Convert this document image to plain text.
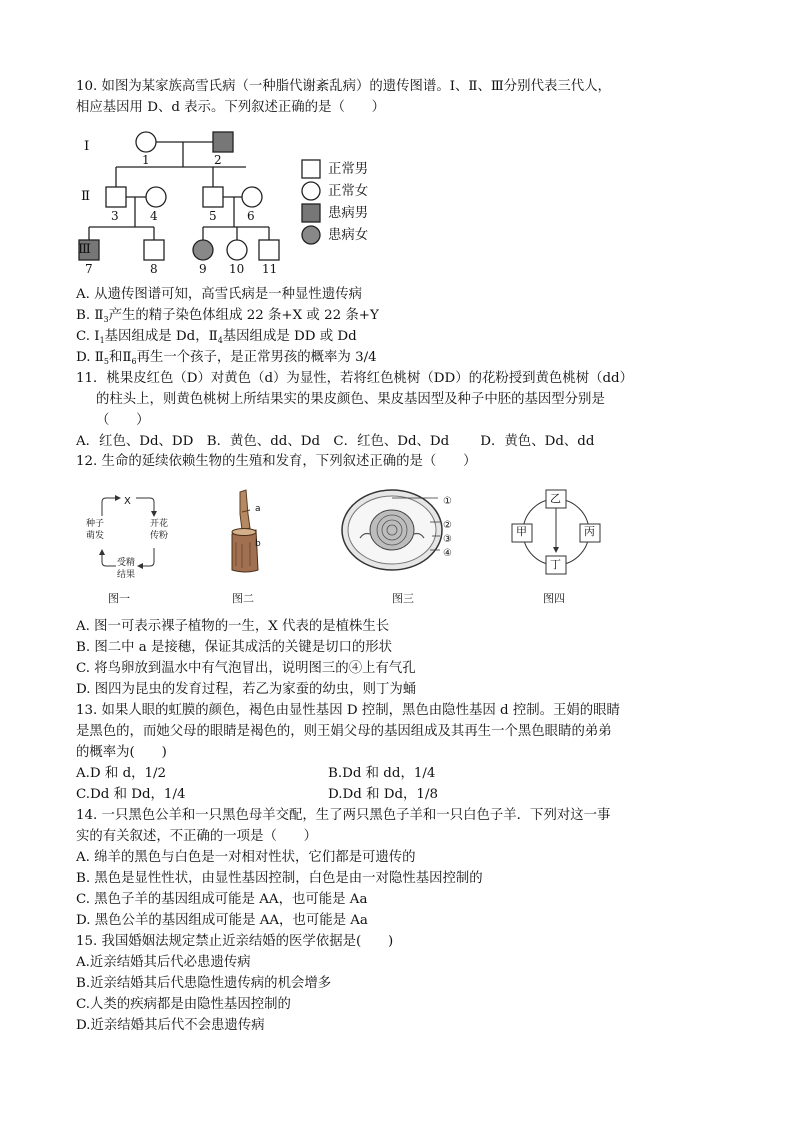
10. 如图为某家族高雪氏病（一种脂代谢紊乱病）的遗传图谱。Ⅰ、Ⅱ、Ⅲ分别代表三代人，
相应基因用 D、d 表示。下列叙述正确的是（　　）
Ⅰ
Ⅱ
Ⅲ
1	2
3	4	5	6
7	8	9 10 11
正常男
正常女
患病男
患病女
A. 从遗传图谱可知，高雪氏病是一种显性遗传病
B. $Ⅱ_3$产生的精子染色体组成 22 条+X 或 22 条+Y
C. $Ⅰ_1$基因组成是 Dd，$Ⅱ_4$基因组成是 DD 或 Dd
D. $Ⅱ_5$和$Ⅱ_6$再生一个孩子，是正常男孩的概率为 3/4
11．桃果皮红色（D）对黄色（d）为显性，若将红色桃树（DD）的花粉授到黄色桃树（dd）
的柱头上，则黄色桃树上所结果实的果皮颜色、果皮基因型及种子中胚的基因型分别是
（　　）
A．红色、Dd、DD　B．黄色、dd、Dd　C．红色、Dd、Dd　　 D．黄色、Dd、dd
12. 生命的延续依赖生物的生殖和发育，下列叙述正确的是（　　）
X
种子
萌发
开花
传粉
受精
结果
图一
a
b
图二
①
②
③
④
图三
乙
丙
丁
甲
图四
A. 图一可表示裸子植物的一生，X 代表的是植株生长
B. 图二中 a 是接穗，保证其成活的关键是切口的形状
C. 将鸟卵放到温水中有气泡冒出，说明图三的④上有气孔
D. 图四为昆虫的发育过程，若乙为家蚕的幼虫，则丁为蛹
13. 如果人眼的虹膜的颜色，褐色由显性基因 D 控制，黑色由隐性基因 d 控制。王娟的眼睛
是黑色的，而她父母的眼睛是褐色的，则王娟父母的基因组成及其再生一个黑色眼睛的弟弟
的概率为(　　)
A.D 和 d，1/2	B.Dd 和 dd，1/4
C.Dd 和 Dd，1/4	D.Dd 和 Dd，1/8
14. 一只黑色公羊和一只黑色母羊交配，生了两只黑色子羊和一只白色子羊．下列对这一事
实的有关叙述，不正确的一项是（　　）
A. 绵羊的黑色与白色是一对相对性状，它们都是可遗传的
B. 黑色是显性性状，由显性基因控制，白色是由一对隐性基因控制的
C. 黑色子羊的基因组成可能是 AA，也可能是 Aa
D. 黑色公羊的基因组成可能是 AA，也可能是 Aa
15. 我国婚姻法规定禁止近亲结婚的医学依据是(　　)
A.近亲结婚其后代必患遗传病
B.近亲结婚其后代患隐性遗传病的机会增多
C.人类的疾病都是由隐性基因控制的
D.近亲结婚其后代不会患遗传病
